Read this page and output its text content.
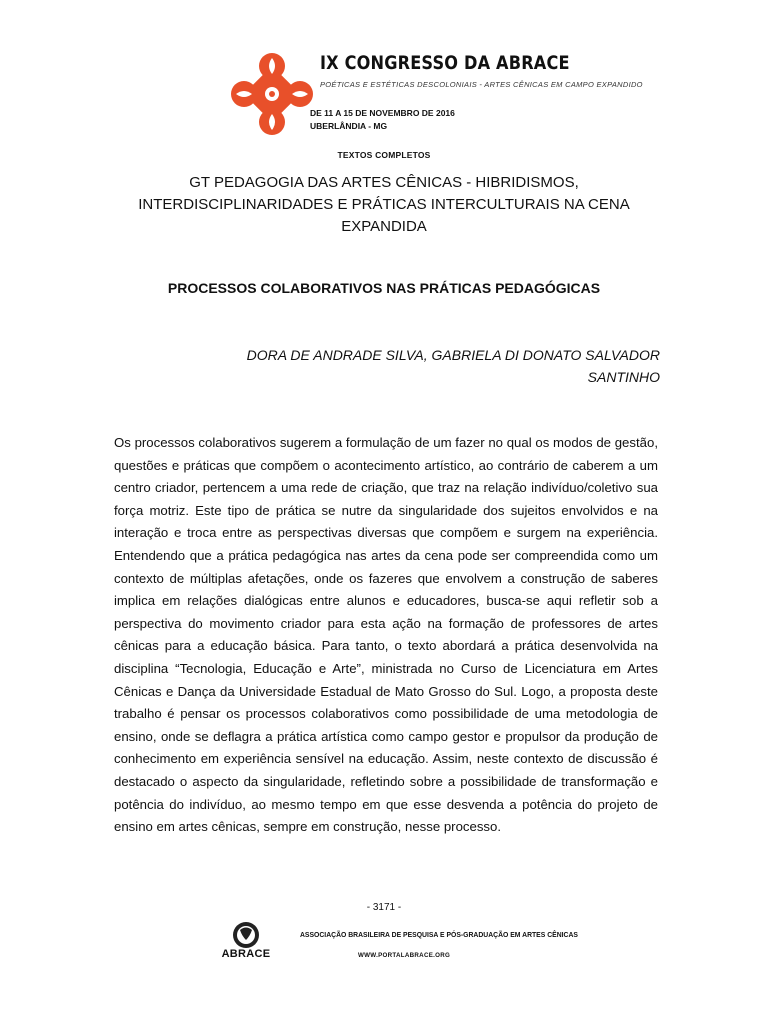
IX CONGRESSO DA ABRACE
POÉTICAS E ESTÉTICAS DESCOLONIAIS - ARTES CÊNICAS EM CAMPO EXPANDIDO
DE 11 A 15 DE NOVEMBRO DE 2016
UBERLÂNDIA - MG
TEXTOS COMPLETOS
GT PEDAGOGIA DAS ARTES CÊNICAS - HIBRIDISMOS, INTERDISCIPLINARIDADES E PRÁTICAS INTERCULTURAIS NA CENA EXPANDIDA
PROCESSOS COLABORATIVOS NAS PRÁTICAS PEDAGÓGICAS
DORA DE ANDRADE SILVA, GABRIELA DI DONATO SALVADOR SANTINHO
Os processos colaborativos sugerem a formulação de um fazer no qual os modos de gestão, questões e práticas que compõem o acontecimento artístico, ao contrário de caberem a um centro criador, pertencem a uma rede de criação, que traz na relação indivíduo/coletivo sua força motriz. Este tipo de prática se nutre da singularidade dos sujeitos envolvidos e na interação e troca entre as perspectivas diversas que compõem e surgem na experiência. Entendendo que a prática pedagógica nas artes da cena pode ser compreendida como um contexto de múltiplas afetações, onde os fazeres que envolvem a construção de saberes implica em relações dialógicas entre alunos e educadores, busca-se aqui refletir sob a perspectiva do movimento criador para esta ação na formação de professores de artes cênicas para a educação básica. Para tanto, o texto abordará a prática desenvolvida na disciplina “Tecnologia, Educação e Arte”, ministrada no Curso de Licenciatura em Artes Cênicas e Dança da Universidade Estadual de Mato Grosso do Sul. Logo, a proposta deste trabalho é pensar os processos colaborativos como possibilidade de uma metodologia de ensino, onde se deflagra a prática artística como campo gestor e propulsor da produção de conhecimento em experiência sensível na educação. Assim, neste contexto de discussão é destacado o aspecto da singularidade, refletindo sobre a possibilidade de transformação e potência do indivíduo, ao mesmo tempo em que esse desvenda a potência do projeto de ensino em artes cênicas, sempre em construção, nesse processo.
- 3171 -
ABRACE
ASSOCIAÇÃO BRASILEIRA DE PESQUISA E PÓS-GRADUAÇÃO EM ARTES CÊNICAS
WWW.PORTALABRACE.ORG
